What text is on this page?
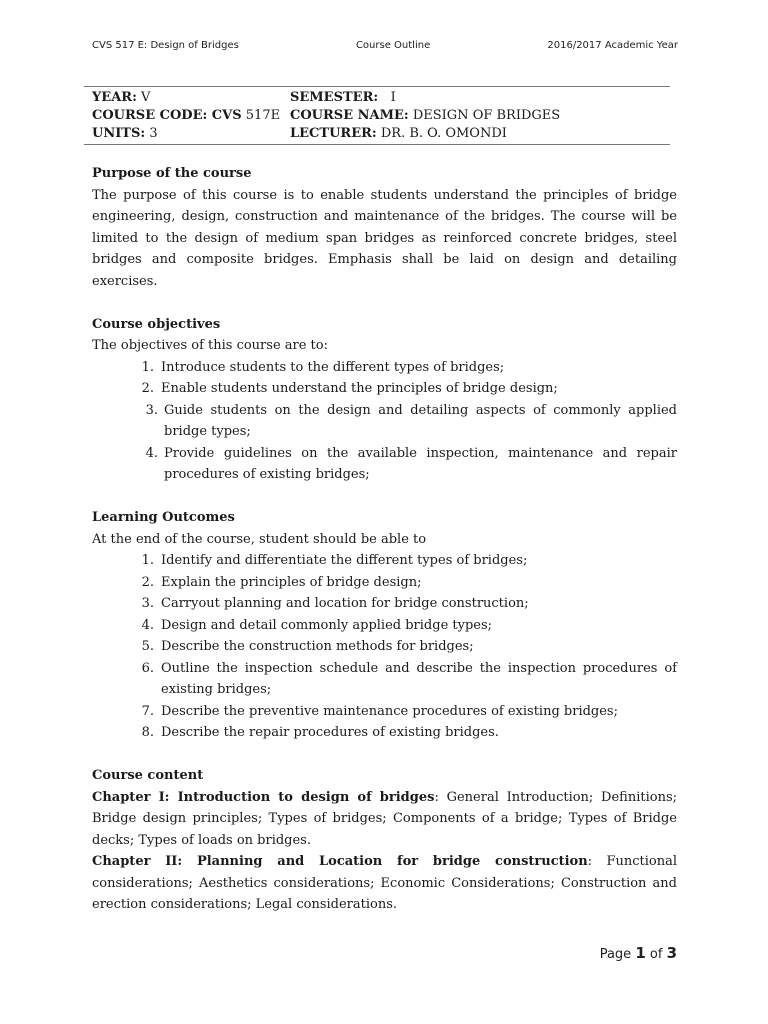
CVS 517 E: Design of Bridges	Course Outline	2016/2017 Academic Year
YEAR: V	SEMESTER: I
COURSE CODE: CVS 517E COURSE NAME: DESIGN OF BRIDGES
UNITS: 3	LECTURER: DR. B. O. OMONDI

Purpose of the course

The purpose of this course is to enable students understand the principles of bridge engineering, design, construction and maintenance of the bridges. The course will be limited to the design of medium span bridges as reinforced concrete bridges, steel bridges and composite bridges. Emphasis shall be laid on design and detailing exercises.

Course objectives

The objectives of this course are to:

1. Introduce students to the different types of bridges;
2. Enable students understand the principles of bridge design;
3. Guide students on the design and detailing aspects of commonly applied bridge types;
4. Provide guidelines on the available inspection, maintenance and repair procedures of existing bridges;

Learning Outcomes

At the end of the course, student should be able to

1. Identify and differentiate the different types of bridges;
2. Explain the principles of bridge design;
3. Carryout planning and location for bridge construction;
4. Design and detail commonly applied bridge types;
5. Describe the construction methods for bridges;
6. Outline the inspection schedule and describe the inspection procedures of existing bridges;
7. Describe the preventive maintenance procedures of existing bridges;
8. Describe the repair procedures of existing bridges.

Course content

Chapter I: Introduction to design of bridges: General Introduction; Definitions; Bridge design principles; Types of bridges; Components of a bridge; Types of Bridge decks; Types of loads on bridges.

Chapter II: Planning and Location for bridge construction: Functional considerations; Aesthetics considerations; Economic Considerations; Construction and erection considerations; Legal considerations.

Page 1 of 3
